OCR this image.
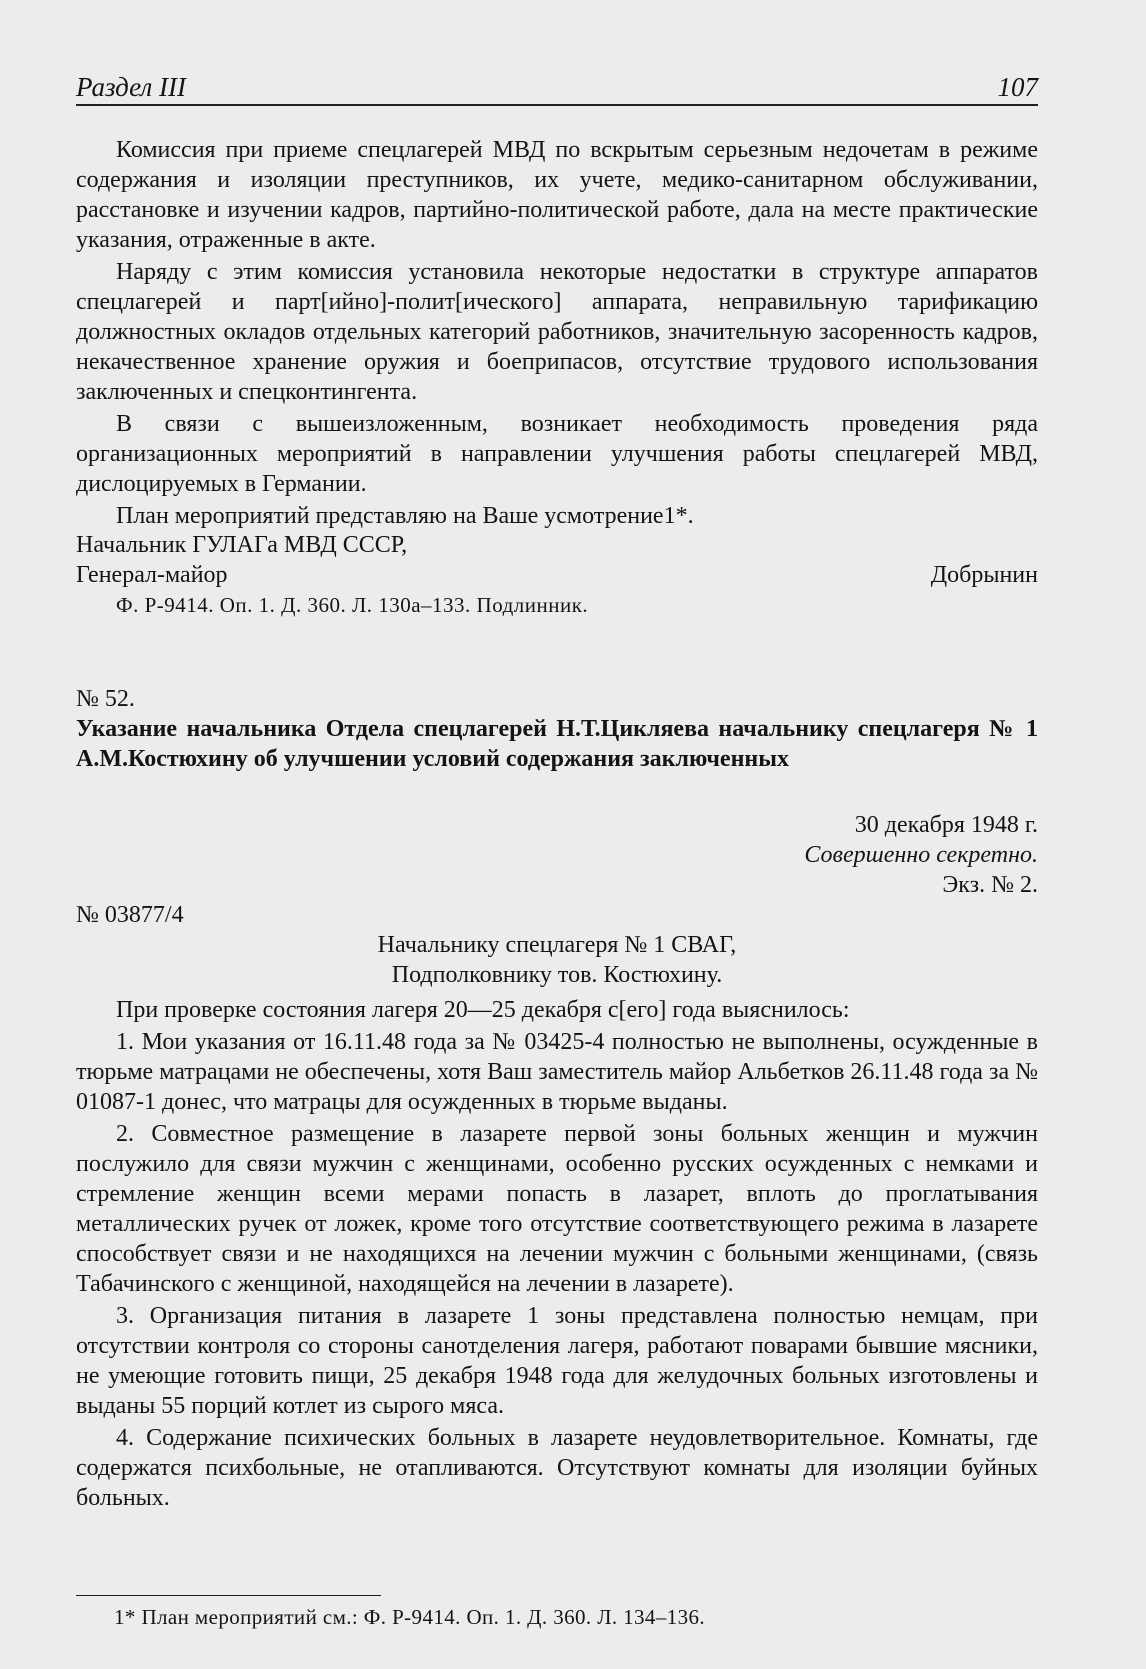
Раздел III	107

Комиссия при приеме спецлагерей МВД по вскрытым серьезным недочетам в режиме содержания и изоляции преступников, их учете, медико-санитарном обслуживании, расстановке и изучении кадров, партийно-политической работе, дала на месте практические указания, отраженные в акте.

Наряду с этим комиссия установила некоторые недостатки в структуре аппаратов спецлагерей и парт[ийно]-полит[ического] аппарата, неправильную тарификацию должностных окладов отдельных категорий работников, значительную засоренность кадров, некачественное хранение оружия и боеприпасов, отсутствие трудового использования заключенных и спецконтингента.

В связи с вышеизложенным, возникает необходимость проведения ряда организационных мероприятий в направлении улучшения работы спецлагерей МВД, дислоцируемых в Германии.

План мероприятий представляю на Ваше усмотрение1*.

Начальник ГУЛАГа МВД СССР,
Генерал-майор	Добрынин
Ф. Р-9414. Оп. 1. Д. 360. Л. 130а–133. Подлинник.
№ 52.
Указание начальника Отдела спецлагерей Н.Т.Цикляева начальнику спецлагеря № 1 А.М.Костюхину об улучшении условий содержания заключенных
30 декабря 1948 г.
Совершенно секретно.
Экз. № 2.
№ 03877/4
Начальнику спецлагеря № 1 СВАГ,
Подполковнику тов. Костюхину.

При проверке состояния лагеря 20—25 декабря с[его] года выяснилось:

1. Мои указания от 16.11.48 года за № 03425-4 полностью не выполнены, осужденные в тюрьме матрацами не обеспечены, хотя Ваш заместитель майор Альбетков 26.11.48 года за № 01087-1 донес, что матрацы для осужденных в тюрьме выданы.

2. Совместное размещение в лазарете первой зоны больных женщин и мужчин послужило для связи мужчин с женщинами, особенно русских осужденных с немками и стремление женщин всеми мерами попасть в лазарет, вплоть до проглатывания металлических ручек от ложек, кроме того отсутствие соответствующего режима в лазарете способствует связи и не находящихся на лечении мужчин с больными женщинами, (связь Табачинского с женщиной, находящейся на лечении в лазарете).

3. Организация питания в лазарете 1 зоны представлена полностью немцам, при отсутствии контроля со стороны санотделения лагеря, работают поварами бывшие мясники, не умеющие готовить пищи, 25 декабря 1948 года для желудочных больных изготовлены и выданы 55 порций котлет из сырого мяса.

4. Содержание психических больных в лазарете неудовлетворительное. Комнаты, где содержатся психбольные, не отапливаются. Отсутствуют комнаты для изоляции буйных больных.

1* План мероприятий см.: Ф. Р-9414. Оп. 1. Д. 360. Л. 134–136.
